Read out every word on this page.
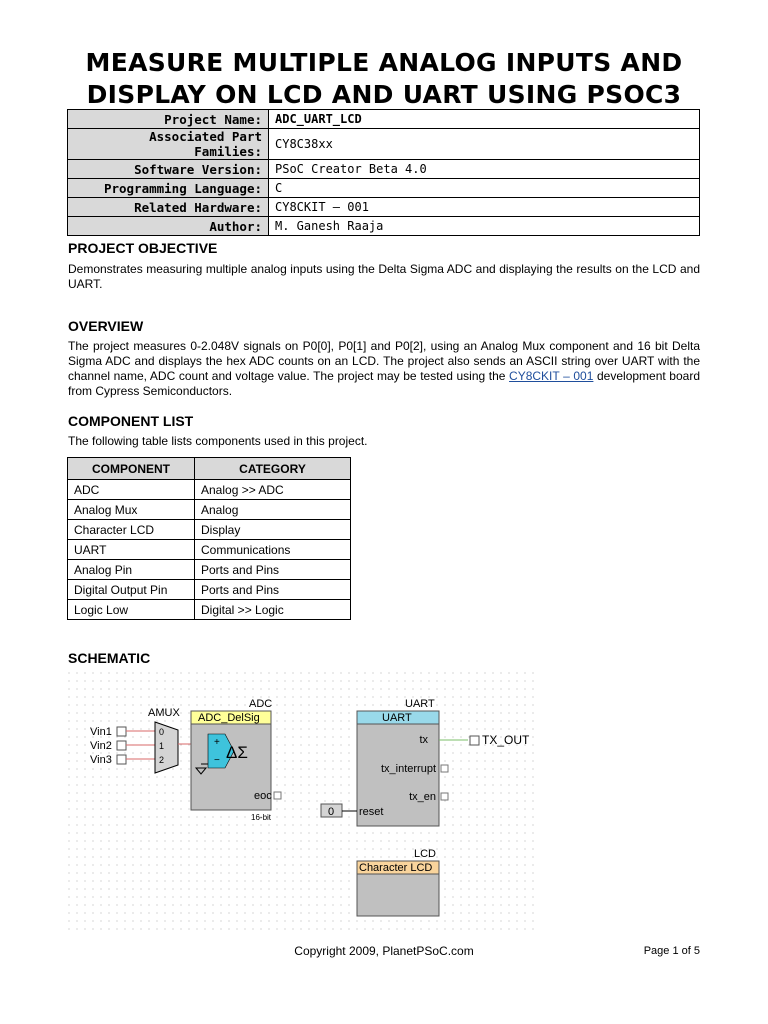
MEASURE MULTIPLE ANALOG INPUTS AND
DISPLAY ON LCD AND UART USING PSOC3
Project Name:	ADC_UART_LCD
Associated Part Families:	CY8C38xx
Software Version:	PSoC Creator Beta 4.0
Programming Language:	C
Related Hardware:	CY8CKIT – 001
Author:	M. Ganesh Raaja
PROJECT OBJECTIVE
Demonstrates measuring multiple analog inputs using the Delta Sigma ADC and displaying the results on the LCD and UART.
OVERVIEW
The project measures 0-2.048V signals on P0[0], P0[1] and P0[2], using an Analog Mux component and 16 bit Delta Sigma ADC and displays the hex ADC counts on an LCD. The project also sends an ASCII string over UART with the channel name, ADC count and voltage value. The project may be tested using the CY8CKIT – 001 development board from Cypress Semiconductors.
COMPONENT LIST
The following table lists components used in this project.
COMPONENT	CATEGORY
ADC	Analog >> ADC
Analog Mux	Analog
Character LCD	Display
UART	Communications
Analog Pin	Ports and Pins
Digital Output Pin	Ports and Pins
Logic Low	Digital >> Logic
SCHEMATIC
Vin1
Vin2
Vin3
AMUX
0
1
2
ADC
ADC_DelSig
+
− ΔΣ
eoc
16-bit
UART
UART
tx	TX_OUT
tx_interrupt
tx_en
reset
0
LCD
Character LCD
Copyright 2009, PlanetPSoC.com	Page 1 of 5
